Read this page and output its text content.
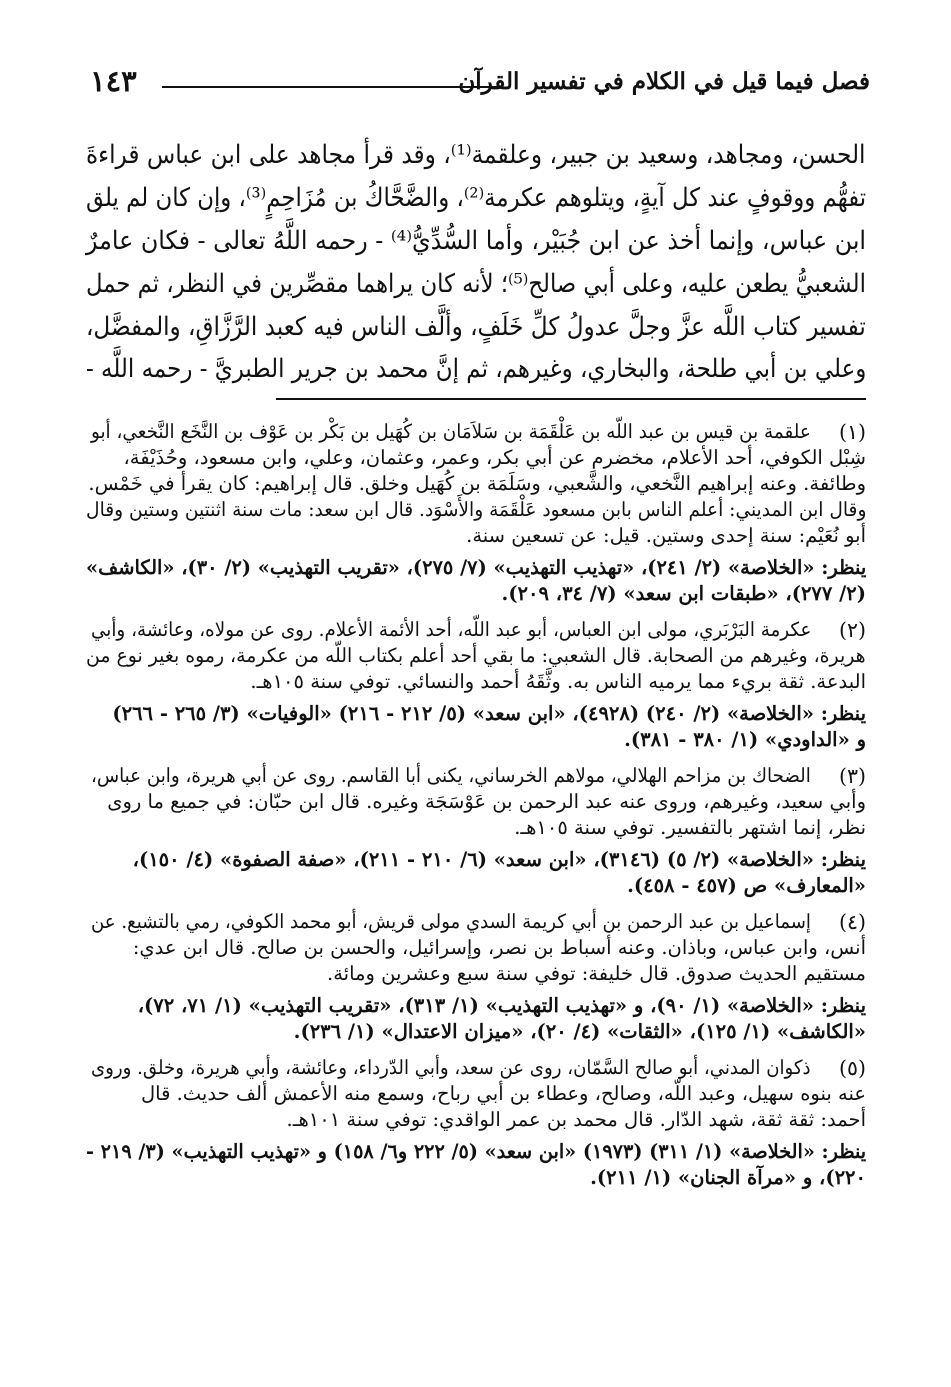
فصل فيما قيل في الكلام في تفسير القرآن
١٤٣
الحسن، ومجاهد، وسعيد بن جبير، وعلقمة⁽¹⁾، وقد قرأ مجاهد على ابن عباس قراءةَ
تفهُّم ووقوفٍ عند كل آيةٍ، ويتلوهم عكرمة⁽²⁾، والضَّحَّاكُ بن مُزَاحِمٍ⁽³⁾، وإن كان لم يلق
ابن عباس، وإنما أخذ عن ابن جُبَيْر، وأما السُّدِّيُّ⁽⁴⁾ - رحمه اللَّهُ تعالى - فكان عامرٌ
الشعبيُّ يطعن عليه، وعلى أبي صالح⁽⁵⁾؛ لأنه كان يراهما مقصِّرين في النظر، ثم حمل
تفسير كتاب اللَّه عزَّ وجلَّ عدولُ كلِّ خَلَفٍ، وألَّف الناس فيه كعبد الرَّزَّاقِ، والمفضَّل،
وعلي بن أبي طلحة، والبخاري، وغيرهم، ثم إنَّ محمد بن جرير الطبريَّ - رحمه اللَّه -
(١)
علقمة بن قيس بن عبد اللّه بن عَلْقَمَة بن سَلاَمَان بن كُهَيل بن بَكْر بن عَوْف بن النَّخَع النَّخعي، أبو
شِبْل الكوفي، أحد الأعلام، مخضرم عن أبي بكر، وعمر، وعثمان، وعلي، وابن مسعود، وحُذَيْفَة،
وطائفة. وعنه إبراهيم النَّخعي، والشَّعبي، وسَلَمَة بن كُهَيل وخلق. قال إبراهيم: كان يقرأ في خَمْس.
وقال ابن المديني: أعلم الناس بابن مسعود عَلْقَمَة والأَسْوَد. قال ابن سعد: مات سنة اثنتين وستين وقال
أبو نُعَيْم: سنة إحدى وستين. قيل: عن تسعين سنة.
ينظر: «الخلاصة» (٢/ ٢٤١)، «تهذيب التهذيب» (٧/ ٢٧٥)، «تقريب التهذيب» (٢/ ٣٠)، «الكاشف»
(٢/ ٢٧٧)، «طبقات ابن سعد» (٧/ ٣٤، ٢٠٩).
(٢)
عكرمة البَرْبَري، مولى ابن العباس، أبو عبد اللّه، أحد الأئمة الأعلام. روى عن مولاه، وعائشة، وأبي
هريرة، وغيرهم من الصحابة. قال الشعبي: ما بقي أحد أعلم بكتاب اللّه من عكرمة، رموه بغير نوع من
البدعة. ثقة بريء مما يرميه الناس به. وثَّقَهُ أحمد والنسائي. توفي سنة ١٠٥هـ.
ينظر: «الخلاصة» (٢/ ٢٤٠) (٤٩٢٨)، «ابن سعد» (٥/ ٢١٢ - ٢١٦) «الوفيات» (٣/ ٢٦٥ - ٢٦٦)
و «الداودي» (١/ ٣٨٠ - ٣٨١).
(٣)
الضحاك بن مزاحم الهلالي، مولاهم الخرساني، يكنى أبا القاسم. روى عن أبي هريرة، وابن عباس،
وأبي سعيد، وغيرهم، وروى عنه عبد الرحمن بن عَوْسَجَة وغيره. قال ابن حبّان: في جميع ما روى
نظر، إنما اشتهر بالتفسير. توفي سنة ١٠٥هـ.
ينظر: «الخلاصة» (٢/ ٥) (٣١٤٦)، «ابن سعد» (٦/ ٢١٠ - ٢١١)، «صفة الصفوة» (٤/ ١٥٠)،
«المعارف» ص (٤٥٧ - ٤٥٨).
(٤)
إسماعيل بن عبد الرحمن بن أبي كريمة السدي مولى قريش، أبو محمد الكوفي، رمي بالتشيع. عن
أنس، وابن عباس، وباذان. وعنه أسباط بن نصر، وإسرائيل، والحسن بن صالح. قال ابن عدي:
مستقيم الحديث صدوق. قال خليفة: توفي سنة سبع وعشرين ومائة.
ينظر: «الخلاصة» (١/ ٩٠)، و «تهذيب التهذيب» (١/ ٣١٣)، «تقريب التهذيب» (١/ ٧١، ٧٢)،
«الكاشف» (١/ ١٢٥)، «الثقات» (٤/ ٢٠)، «ميزان الاعتدال» (١/ ٢٣٦).
(٥)
ذكوان المدني، أبو صالح السَّمّان، روى عن سعد، وأبي الدّرداء، وعائشة، وأبي هريرة، وخلق. وروى
عنه بنوه سهيل، وعبد اللّه، وصالح، وعطاء بن أبي رباح، وسمع منه الأعمش ألف حديث. قال
أحمد: ثقة ثقة، شهد الدّار. قال محمد بن عمر الواقدي: توفي سنة ١٠١هـ.
ينظر: «الخلاصة» (١/ ٣١١) (١٩٧٣) «ابن سعد» (٥/ ٢٢٢ و٦/ ١٥٨) و «تهذيب التهذيب» (٣/ ٢١٩ -
٢٢٠)، و «مرآة الجنان» (١/ ٢١١).
